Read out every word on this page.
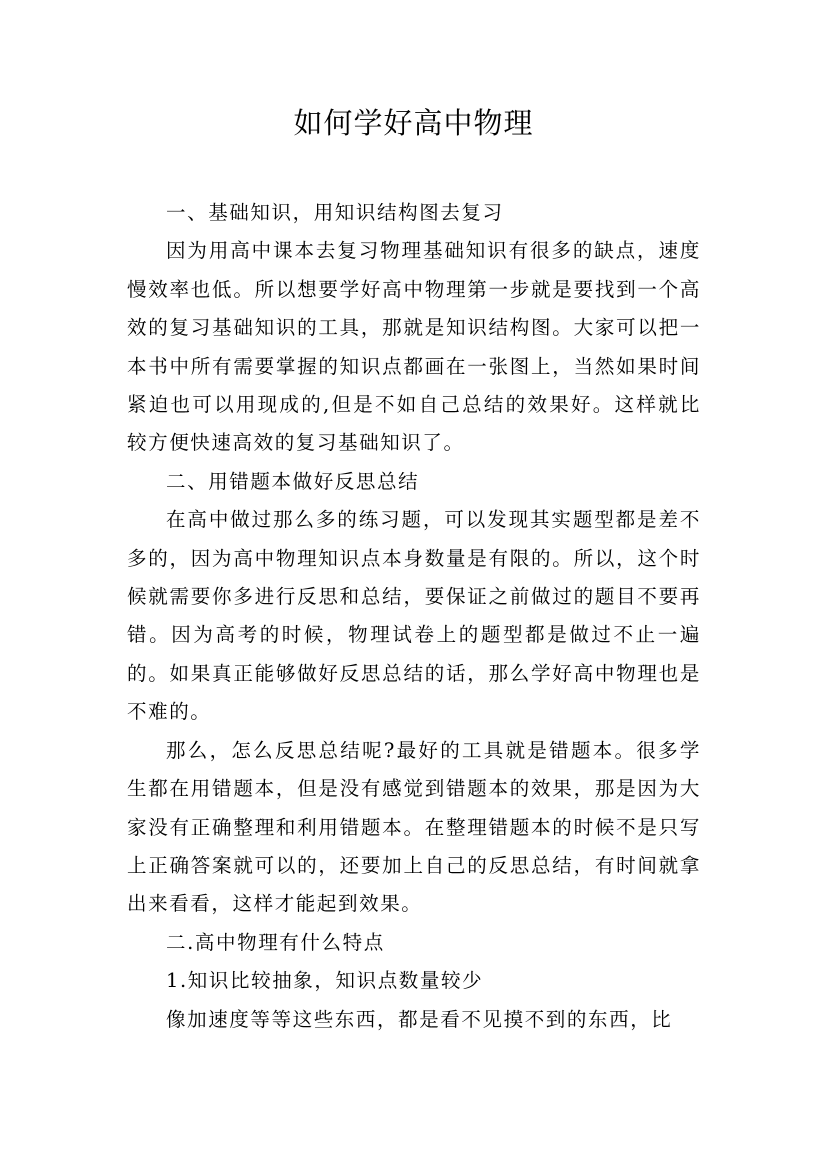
如何学好高中物理

一、基础知识，用知识结构图去复习

因为用高中课本去复习物理基础知识有很多的缺点，速度慢效率也低。所以想要学好高中物理第一步就是要找到一个高效的复习基础知识的工具，那就是知识结构图。大家可以把一本书中所有需要掌握的知识点都画在一张图上，当然如果时间紧迫也可以用现成的,但是不如自己总结的效果好。这样就比较方便快速高效的复习基础知识了。

二、用错题本做好反思总结

在高中做过那么多的练习题，可以发现其实题型都是差不多的，因为高中物理知识点本身数量是有限的。所以，这个时候就需要你多进行反思和总结，要保证之前做过的题目不要再错。因为高考的时候，物理试卷上的题型都是做过不止一遍的。如果真正能够做好反思总结的话，那么学好高中物理也是不难的。

那么，怎么反思总结呢?最好的工具就是错题本。很多学生都在用错题本，但是没有感觉到错题本的效果，那是因为大家没有正确整理和利用错题本。在整理错题本的时候不是只写上正确答案就可以的，还要加上自己的反思总结，有时间就拿出来看看，这样才能起到效果。

二.高中物理有什么特点

1.知识比较抽象，知识点数量较少

像加速度等等这些东西，都是看不见摸不到的东西，比
